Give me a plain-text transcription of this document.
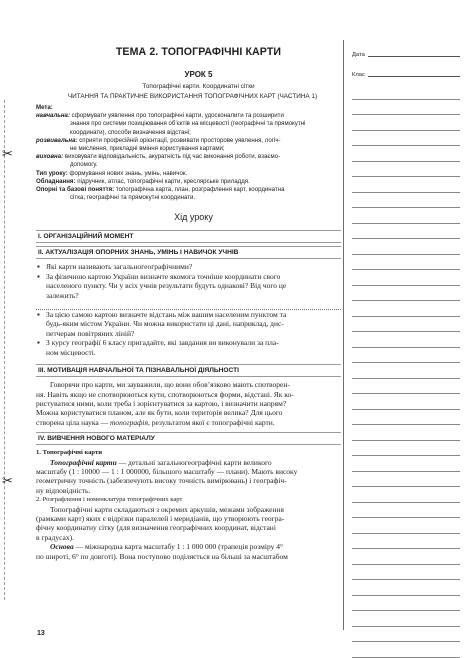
✂
✂
ТЕМА 2. ТОПОГРАФІЧНІ КАРТИ
УРОК 5
Топографічні карти. Координатні сітки
ЧИТАННЯ ТА ПРАКТИЧНЕ ВИКОРИСТАННЯ ТОПОГРАФІЧНИХ КАРТ (ЧАСТИНА 1)
Мета:
навчальна: сформувати уявлення про топографічні карти, удосконалити та розширити
знання про системи позиціювання об’єктів на місцевості (географічні та прямокутні
координати), способи визначення відстані;
розвивальна: сприяти професійній орієнтації, розвивати просторове уявлення, логіч-
не мислення, прикладні вміння користування картами;
виховна: виховувати відповідальність, акуратність під час виконання роботи, взаємо-
допомогу.
Тип уроку: формування нових знань, умінь, навичок.
Обладнання: підручник, атлас, топографічні карти, креслярське приладдя.
Опорні та базові поняття: топографічна карта, план, розграфлення карт, координатна
сітка, географічні та прямокутні координати.
Хід уроку
I. ОРГАНІЗАЦІЙНИЙ МОМЕНТ
II. АКТУАЛІЗАЦІЯ ОПОРНИХ ЗНАНЬ, УМІНЬ І НАВИЧОК УЧНІВ
▪ Які карти називають загальногеографічними?
▪ За фізичною картою України визначте якомога точніше координати свого
населеного пункту. Чи у всіх учнів результати будуть однакові? Від чого це
залежить?
▪ За цією самою картою визначте відстань між вашим населеним пунктом та
будь-яким містом України. Чи можна використати ці дані, наприклад, дис-
петчерам повітряних ліній?
▪ З курсу географії 6 класу пригадайте, які завдання ви виконували за пла-
ном місцевості.
III. МОТИВАЦІЯ НАВЧАЛЬНОЇ ТА ПІЗНАВАЛЬНОЇ ДІЯЛЬНОСТІ
Говорячи про карти, ми зауважили, що вони обов’язково мають спотворен-
ня. Навіть якщо не спотворюються кути, спотворюються форми, відстані. Як ко-
ристуватися ними, коли треба і зорієнтуватися за картою, і визначити напрям?
Можна користуватися планом, але як бути, коли територія велика? Для цього
створена ціла наука — топографія, результатом якої є топографічні карти.
IV. ВИВЧЕННЯ НОВОГО МАТЕРІАЛУ
1. Топографічні карти
Топографічні карти — детальні загальногеографічні карти великого
масштабу (1 : 10000 — 1 : 1 000000, більшого масштабу — плани). Мають високу
геометричну точність (забезпечують високу точність вимірювань) і географіч-
ну відповідність.
2. Розграфлення і номенклатура топографічних карт
Топографічні карти складаються з окремих аркушів, межами зображення
(рамками карт) яких є відрізки паралелей і меридіанів, що утворюють геогра-
фічну координатну сітку (для визначення географічних координат, відстані
в градусах).
Основа — міжнародна карта масштабу 1 : 1 000 000 (трапеція розміру 4°
по широті, 6° по довготі). Вона поступово поділяється на більші за масштабом
Дата
Клас
13
